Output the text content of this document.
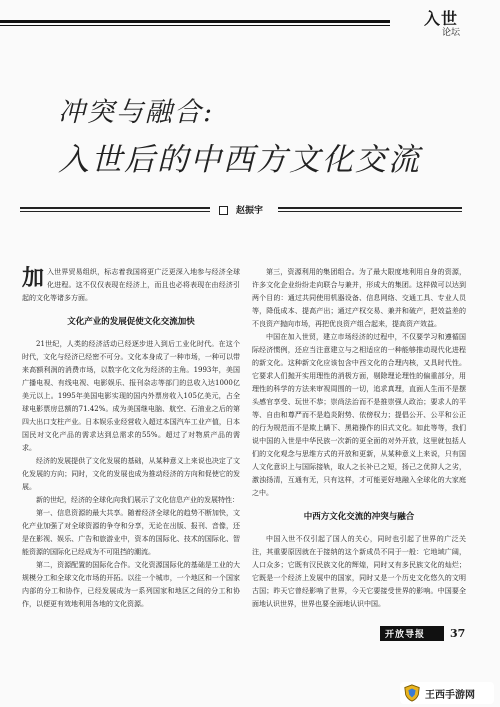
入世
论坛
冲突与融合:
入世后的中西方文化交流
赵振宇

加入世界贸易组织，标志着我国将更广泛更深入地参与经济全球化进程。这不仅仅表现在经济上，而且也必将表现在由经济引起的文化等诸多方面。

文化产业的发展促使文化交流加快

21世纪，人类的经济活动已经逐步进入到后工业化时代。在这个时代，文化与经济已经密不可分。文化本身成了一种市场，一种可以带来高额利润的消费市场，以数字化文化为经济的主角。1993年，美国广播电视、有线电视、电影娱乐、报刊杂志等部门的总收入达1000亿美元以上。1995年美国电影实现的国内外票房收入105亿美元，占全球电影票房总额的71.42%。成为美国继电脑、航空、石油业之后的第四大出口支柱产业。日本娱乐业经营收入超过本国汽车工业产值，日本国民对文化产品的需求达到总需求的55%。超过了对物质产品的需求。

经济的发展提供了文化发展的基础，从某种意义上来说也决定了文化发展的方向；同时，文化的发展也成为推动经济的方向和促使它的发展。

新的世纪，经济的全球化向我们展示了文化信息产业的发展特性：

第一、信息资源的最大共享。随着经济全球化的趋势不断加快，文化产业加强了对全球资源的争夺和分享，无论在出版、报刊、音像，还是在影视、娱乐、广告和旅游业中，资本的国际化、技术的国际化、智能资源的国际化已经成为不可阻挡的潮流。

第二，资源配置的国际化合作。文化资源国际化的基础是工业的大规模分工和全球文化市场的开拓。以往一个城市，一个地区和一个国家内部的分工和协作，已经发展成为一系列国家和地区之间的分工和协作，以便更有效地利用各地的文化资源。

第三，资源利用的集团组合。为了最大限度地利用自身的资源，许多文化企业纷纷走向联合与兼并，形成大的集团。这样做可以达到两个目的：通过共同使用机器设备、信息网络、交通工具、专业人员等，降低成本、提高产出；通过产权交易、兼并和破产，把效益差的不良资产抛向市场，再把优良资产组合起来，提高资产效益。

中国在加入世贸，建立市场经济的过程中，不仅要学习和遵循国际经济惯例，还应当注意建立与之相适应的一种能够推动现代化进程的新文化。这种新文化应该包含中西文化的合理内核，又具时代性。它要求人们抛开实用理性的消极方面，剔除理论理性的偏重部分，用理性的科学的方法来审视周围的一切，追求真理，直面人生而不是摆头感官享受、玩世不恭；崇尚法治而不是推崇强人政治；要求人的平等、自由和尊严而不是趋炎附势、依傍权力；提倡公开、公平和公正的行为规范而不是欺上瞒下、黑箱操作的旧式文化。如此等等，我们说中国的入世是中华民族一次新的更全面的对外开放，这里就包括人们的文化观念与思维方式的开放和更新，从某种意义上来说，只有国人文化意识上与国际接轨，取人之长补已之短，扬己之优抑人之劣，激浊扬清，互通有无，只有这样，才可能更好地融入全球化的大家庭之中。

中西方文化交流的冲突与融合

中国入世不仅引起了国人的关心，同时也引起了世界的广泛关注，其重要原因就在于接纳的这个新成员不同于一般：它地域广阔，人口众多；它既有汉民族文化的辉煌，同时又有多民族文化的灿烂；它既是一个经济上发展中的国家，同时又是一个历史文化悠久的文明古国；昨天它曾经影响了世界，今天它要接受世界的影响。中国要全面地认识世界，世界也要全面地认识中国。

开放导报 37
王西手游网
